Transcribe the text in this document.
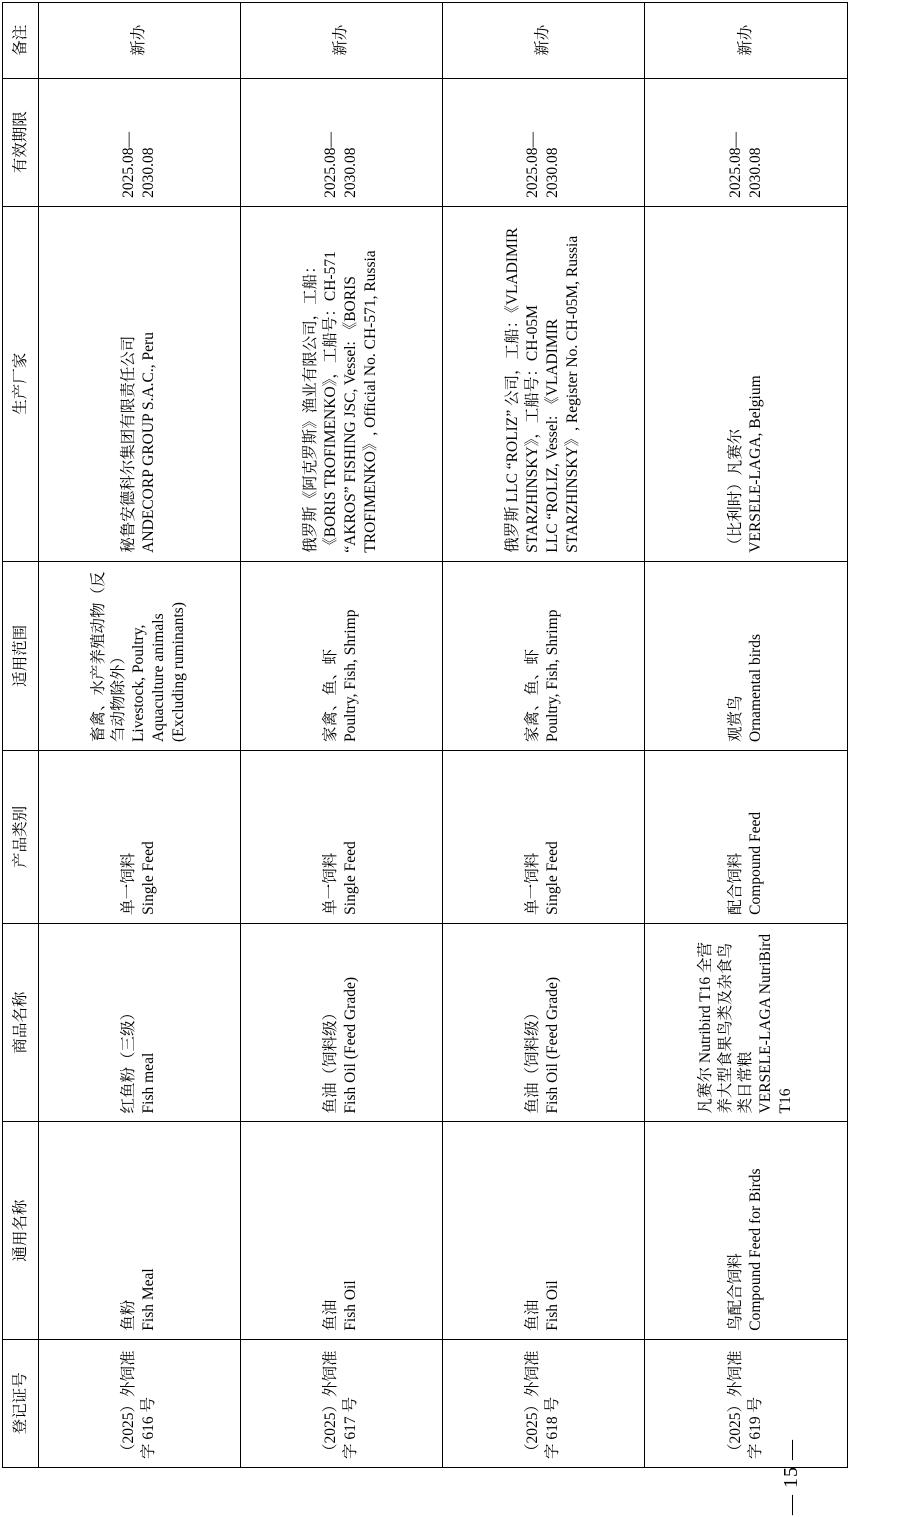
登记证号	通用名称	商品名称	产品类别	适用范围	生产厂家	有效期限	备注
（2025）外饲准字 616 号	鱼粉 Fish Meal	红鱼粉（三级） Fish meal	单一饲料 Single Feed	畜禽、水产养殖动物（反刍动物除外） Livestock, Poultry, Aquaculture animals (Excluding ruminants)	秘鲁安德科尔集团有限责任公司 ANDECORP GROUP S.A.C., Peru	2025.08— 2030.08	新办
（2025）外饲准字 617 号	鱼油 Fish Oil	鱼油（饲料级） Fish Oil (Feed Grade)	单一饲料 Single Feed	家禽、鱼、虾 Poultry, Fish, Shrimp	俄罗斯《阿克罗斯》渔业有限公司，工船：《BORIS TROFIMENKO》，工船号：CH-571 “AKROS” FISHING JSC, Vessel: 《BORIS TROFIMENKO》, Official No. CH-571, Russia	2025.08— 2030.08	新办
（2025）外饲准字 618 号	鱼油 Fish Oil	鱼油（饲料级） Fish Oil (Feed Grade)	单一饲料 Single Feed	家禽、鱼、虾 Poultry, Fish, Shrimp	俄罗斯 LLC “ROLIZ” 公司，工船：《VLADIMIR STARZHINSKY》，工船号：CH-05M LLC “ROLIZ, Vessel: 《VLADIMIR STARZHINSKY》, Register No. CH-05M, Russia	2025.08— 2030.08	新办
（2025）外饲准字 619 号	鸟配合饲料 Compound Feed for Birds	凡赛尔 Nutribird T16 全营养大型食果鸟类及杂食鸟类日常粮 VERSELE-LAGA NutriBird T16	配合饲料 Compound Feed	观赏鸟 Ornamental birds	（比利时）凡赛尔 VERSELE-LAGA, Belgium	2025.08— 2030.08	新办
— 15 —
